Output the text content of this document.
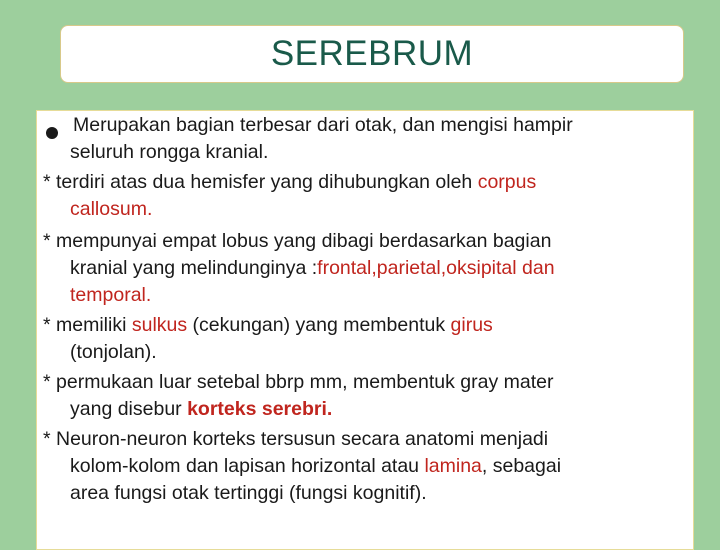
SEREBRUM
Merupakan bagian terbesar dari otak, dan mengisi hampir
seluruh rongga kranial.
* terdiri atas dua hemisfer yang dihubungkan oleh corpus
callosum.
* mempunyai empat lobus yang dibagi berdasarkan bagian
kranial yang melindunginya :frontal,parietal,oksipital dan
temporal.
* memiliki sulkus (cekungan) yang membentuk girus
(tonjolan).
* permukaan luar setebal bbrp mm, membentuk gray mater
yang disebur korteks serebri.
* Neuron-neuron korteks tersusun secara anatomi menjadi
kolom-kolom dan lapisan horizontal atau lamina, sebagai
area fungsi otak tertinggi (fungsi kognitif).
